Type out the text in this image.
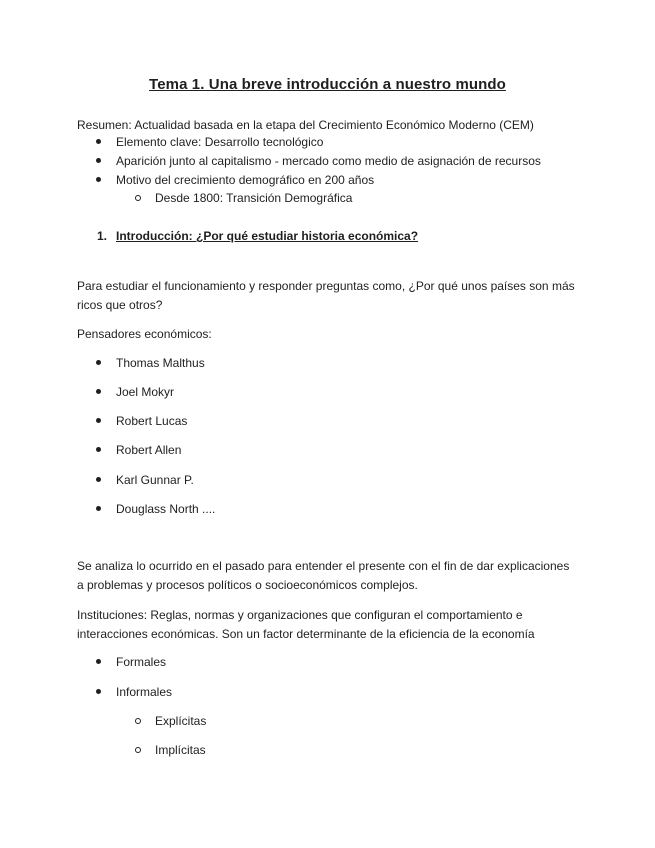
Tema 1. Una breve introducción a nuestro mundo
Resumen: Actualidad basada en la etapa del Crecimiento Económico Moderno (CEM)
Elemento clave: Desarrollo tecnológico
Aparición junto al capitalismo - mercado como medio de asignación de recursos
Motivo del crecimiento demográfico en 200 años
Desde 1800: Transición Demográfica
1. Introducción: ¿Por qué estudiar historia económica?
Para estudiar el funcionamiento y responder preguntas como, ¿Por qué unos países son más ricos que otros?
Pensadores económicos:
Thomas Malthus
Joel Mokyr
Robert Lucas
Robert Allen
Karl Gunnar P.
Douglass North ....
Se analiza lo ocurrido en el pasado para entender el presente con el fin de dar explicaciones a problemas y procesos políticos o socioeconómicos complejos.
Instituciones: Reglas, normas y organizaciones que configuran el comportamiento e interacciones económicas. Son un factor determinante de la eficiencia de la economía
Formales
Informales
Explícitas
Implícitas
